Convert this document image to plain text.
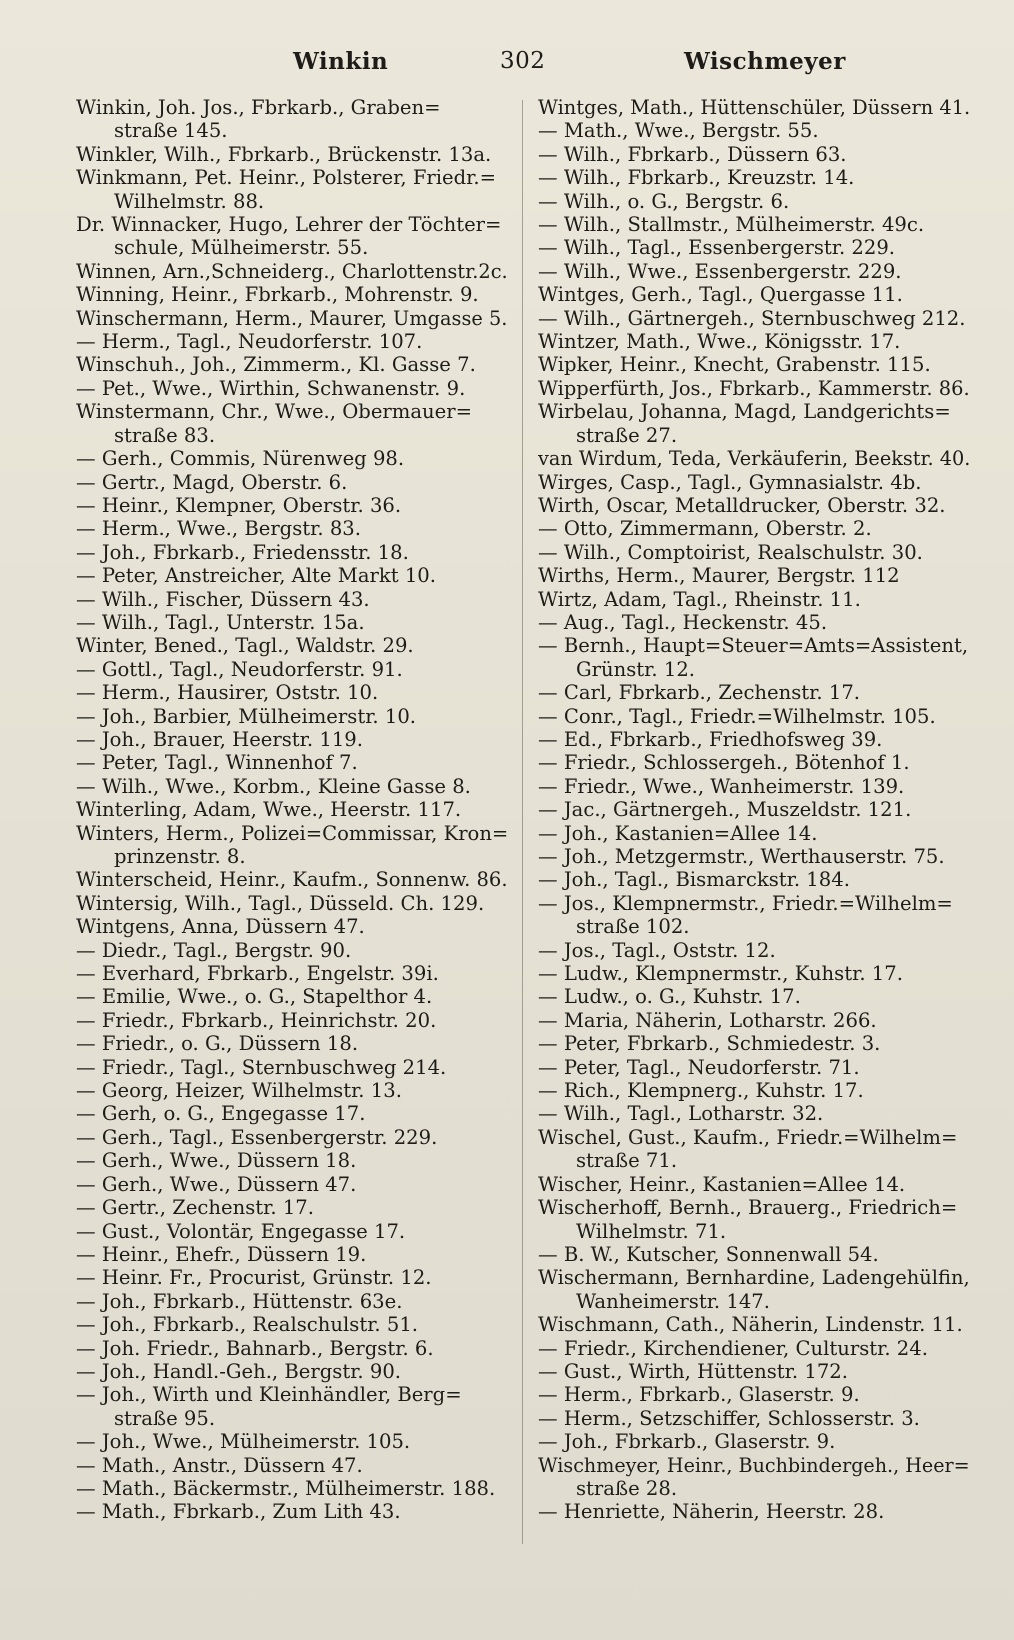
Winkin	302	Wischmeyer

Winkin, Joh. Jos., Fbrkarb., Graben=
straße 145.

Winkler, Wilh., Fbrkarb., Brückenstr. 13a.

Winkmann, Pet. Heinr., Polsterer, Friedr.=
Wilhelmstr. 88.

Dr. Winnacker, Hugo, Lehrer der Töchter=
schule, Mülheimerstr. 55.

Winnen, Arn.,Schneiderg., Charlottenstr.2c.

Winning, Heinr., Fbrkarb., Mohrenstr. 9.

Winschermann, Herm., Maurer, Umgasse 5.

— Herm., Tagl., Neudorferstr. 107.

Winschuh., Joh., Zimmerm., Kl. Gasse 7.

— Pet., Wwe., Wirthin, Schwanenstr. 9.

Winstermann, Chr., Wwe., Obermauer=
straße 83.

— Gerh., Commis, Nürenweg 98.

— Gertr., Magd, Oberstr. 6.

— Heinr., Klempner, Oberstr. 36.

— Herm., Wwe., Bergstr. 83.

— Joh., Fbrkarb., Friedensstr. 18.

— Peter, Anstreicher, Alte Markt 10.

— Wilh., Fischer, Düssern 43.

— Wilh., Tagl., Unterstr. 15a.

Winter, Bened., Tagl., Waldstr. 29.

— Gottl., Tagl., Neudorferstr. 91.

— Herm., Hausirer, Oststr. 10.

— Joh., Barbier, Mülheimerstr. 10.

— Joh., Brauer, Heerstr. 119.

— Peter, Tagl., Winnenhof 7.

— Wilh., Wwe., Korbm., Kleine Gasse 8.

Winterling, Adam, Wwe., Heerstr. 117.

Winters, Herm., Polizei=Commissar, Kron=
prinzenstr. 8.

Winterscheid, Heinr., Kaufm., Sonnenw. 86.

Wintersig, Wilh., Tagl., Düsseld. Ch. 129.

Wintgens, Anna, Düssern 47.

— Diedr., Tagl., Bergstr. 90.

— Everhard, Fbrkarb., Engelstr. 39i.

— Emilie, Wwe., o. G., Stapelthor 4.

— Friedr., Fbrkarb., Heinrichstr. 20.

— Friedr., o. G., Düssern 18.

— Friedr., Tagl., Sternbuschweg 214.

— Georg, Heizer, Wilhelmstr. 13.

— Gerh, o. G., Engegasse 17.

— Gerh., Tagl., Essenbergerstr. 229.

— Gerh., Wwe., Düssern 18.

— Gerh., Wwe., Düssern 47.

— Gertr., Zechenstr. 17.

— Gust., Volontär, Engegasse 17.

— Heinr., Ehefr., Düssern 19.

— Heinr. Fr., Procurist, Grünstr. 12.

— Joh., Fbrkarb., Hüttenstr. 63e.

— Joh., Fbrkarb., Realschulstr. 51.

— Joh. Friedr., Bahnarb., Bergstr. 6.

— Joh., Handl.-Geh., Bergstr. 90.

— Joh., Wirth und Kleinhändler, Berg=
straße 95.

— Joh., Wwe., Mülheimerstr. 105.

— Math., Anstr., Düssern 47.

— Math., Bäckermstr., Mülheimerstr. 188.

— Math., Fbrkarb., Zum Lith 43.

Wintges, Math., Hüttenschüler, Düssern 41.

— Math., Wwe., Bergstr. 55.

— Wilh., Fbrkarb., Düssern 63.

— Wilh., Fbrkarb., Kreuzstr. 14.

— Wilh., o. G., Bergstr. 6.

— Wilh., Stallmstr., Mülheimerstr. 49c.

— Wilh., Tagl., Essenbergerstr. 229.

— Wilh., Wwe., Essenbergerstr. 229.

Wintges, Gerh., Tagl., Quergasse 11.

— Wilh., Gärtnergeh., Sternbuschweg 212.

Wintzer, Math., Wwe., Königsstr. 17.

Wipker, Heinr., Knecht, Grabenstr. 115.

Wipperfürth, Jos., Fbrkarb., Kammerstr. 86.

Wirbelau, Johanna, Magd, Landgerichts=
straße 27.

van Wirdum, Teda, Verkäuferin, Beekstr. 40.

Wirges, Casp., Tagl., Gymnasialstr. 4b.

Wirth, Oscar, Metalldrucker, Oberstr. 32.

— Otto, Zimmermann, Oberstr. 2.

— Wilh., Comptoirist, Realschulstr. 30.

Wirths, Herm., Maurer, Bergstr. 112

Wirtz, Adam, Tagl., Rheinstr. 11.

— Aug., Tagl., Heckenstr. 45.

— Bernh., Haupt=Steuer=Amts=Assistent,
Grünstr. 12.

— Carl, Fbrkarb., Zechenstr. 17.

— Conr., Tagl., Friedr.=Wilhelmstr. 105.

— Ed., Fbrkarb., Friedhofsweg 39.

— Friedr., Schlossergeh., Bötenhof 1.

— Friedr., Wwe., Wanheimerstr. 139.

— Jac., Gärtnergeh., Muszeldstr. 121.

— Joh., Kastanien=Allee 14.

— Joh., Metzgermstr., Werthauserstr. 75.

— Joh., Tagl., Bismarckstr. 184.

— Jos., Klempnermstr., Friedr.=Wilhelm=
straße 102.

— Jos., Tagl., Oststr. 12.

— Ludw., Klempnermstr., Kuhstr. 17.

— Ludw., o. G., Kuhstr. 17.

— Maria, Näherin, Lotharstr. 266.

— Peter, Fbrkarb., Schmiedestr. 3.

— Peter, Tagl., Neudorferstr. 71.

— Rich., Klempnerg., Kuhstr. 17.

— Wilh., Tagl., Lotharstr. 32.

Wischel, Gust., Kaufm., Friedr.=Wilhelm=
straße 71.

Wischer, Heinr., Kastanien=Allee 14.

Wischerhoff, Bernh., Brauerg., Friedrich=
Wilhelmstr. 71.

— B. W., Kutscher, Sonnenwall 54.

Wischermann, Bernhardine, Ladengehülfin,
Wanheimerstr. 147.

Wischmann, Cath., Näherin, Lindenstr. 11.

— Friedr., Kirchendiener, Culturstr. 24.

— Gust., Wirth, Hüttenstr. 172.

— Herm., Fbrkarb., Glaserstr. 9.

— Herm., Setzschiffer, Schlosserstr. 3.

— Joh., Fbrkarb., Glaserstr. 9.

Wischmeyer, Heinr., Buchbindergeh., Heer=
straße 28.

— Henriette, Näherin, Heerstr. 28.
